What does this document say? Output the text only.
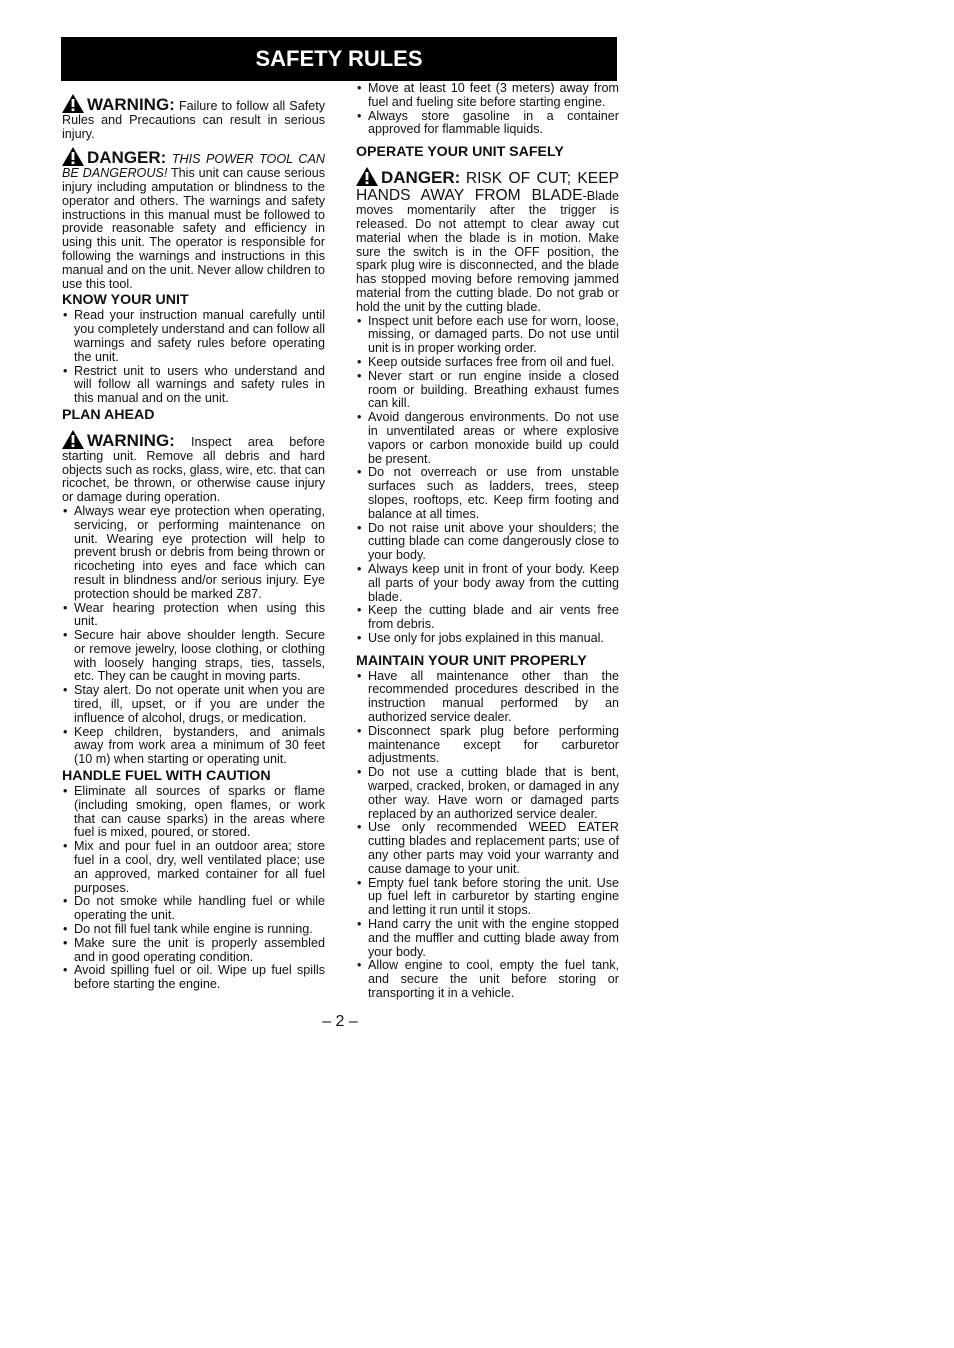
SAFETY RULES

WARNING: Failure to follow all Safety Rules and Precautions can result in serious injury.

DANGER: THIS POWER TOOL CAN BE DANGEROUS! This unit can cause serious injury including amputation or blindness to the operator and others. The warnings and safety instructions in this manual must be followed to provide reasonable safety and efficiency in using this unit. The operator is responsible for following the warnings and instructions in this manual and on the unit. Never allow children to use this tool.

KNOW YOUR UNIT
• Read your instruction manual carefully until you completely understand and can follow all warnings and safety rules before operating the unit.
• Restrict unit to users who understand and will follow all warnings and safety rules in this manual and on the unit.
PLAN AHEAD

WARNING: Inspect area before starting unit. Remove all debris and hard objects such as rocks, glass, wire, etc. that can ricochet, be thrown, or otherwise cause injury or damage during operation.

• Always wear eye protection when operating, servicing, or performing maintenance on unit. Wearing eye protection will help to prevent brush or debris from being thrown or ricocheting into eyes and face which can result in blindness and/or serious injury. Eye protection should be marked Z87.
• Wear hearing protection when using this unit.
• Secure hair above shoulder length. Secure or remove jewelry, loose clothing, or clothing with loosely hanging straps, ties, tassels, etc. They can be caught in moving parts.
• Stay alert. Do not operate unit when you are tired, ill, upset, or if you are under the influence of alcohol, drugs, or medication.
• Keep children, bystanders, and animals away from work area a minimum of 30 feet (10 m) when starting or operating unit.
HANDLE FUEL WITH CAUTION
• Eliminate all sources of sparks or flame (including smoking, open flames, or work that can cause sparks) in the areas where fuel is mixed, poured, or stored.
• Mix and pour fuel in an outdoor area; store fuel in a cool, dry, well ventilated place; use an approved, marked container for all fuel purposes.
• Do not smoke while handling fuel or while operating the unit.
• Do not fill fuel tank while engine is running.
• Make sure the unit is properly assembled and in good operating condition.
• Avoid spilling fuel or oil. Wipe up fuel spills before starting the engine.
• Move at least 10 feet (3 meters) away from fuel and fueling site before starting engine.
• Always store gasoline in a container approved for flammable liquids.
OPERATE YOUR UNIT SAFELY

DANGER: RISK OF CUT; KEEP HANDS AWAY FROM BLADE-Blade moves momentarily after the trigger is released. Do not attempt to clear away cut material when the blade is in motion. Make sure the switch is in the OFF position, the spark plug wire is disconnected, and the blade has stopped moving before removing jammed material from the cutting blade. Do not grab or hold the unit by the cutting blade.

• Inspect unit before each use for worn, loose, missing, or damaged parts. Do not use until unit is in proper working order.
• Keep outside surfaces free from oil and fuel.
• Never start or run engine inside a closed room or building. Breathing exhaust fumes can kill.
• Avoid dangerous environments. Do not use in unventilated areas or where explosive vapors or carbon monoxide build up could be present.
• Do not overreach or use from unstable surfaces such as ladders, trees, steep slopes, rooftops, etc. Keep firm footing and balance at all times.
• Do not raise unit above your shoulders; the cutting blade can come dangerously close to your body.
• Always keep unit in front of your body. Keep all parts of your body away from the cutting blade.
• Keep the cutting blade and air vents free from debris.
• Use only for jobs explained in this manual.
MAINTAIN YOUR UNIT PROPERLY
• Have all maintenance other than the recommended procedures described in the instruction manual performed by an authorized service dealer.
• Disconnect spark plug before performing maintenance except for carburetor adjustments.
• Do not use a cutting blade that is bent, warped, cracked, broken, or damaged in any other way. Have worn or damaged parts replaced by an authorized service dealer.
• Use only recommended WEED EATER cutting blades and replacement parts; use of any other parts may void your warranty and cause damage to your unit.
• Empty fuel tank before storing the unit. Use up fuel left in carburetor by starting engine and letting it run until it stops.
• Hand carry the unit with the engine stopped and the muffler and cutting blade away from your body.
• Allow engine to cool, empty the fuel tank, and secure the unit before storing or transporting it in a vehicle.
– 2 –
